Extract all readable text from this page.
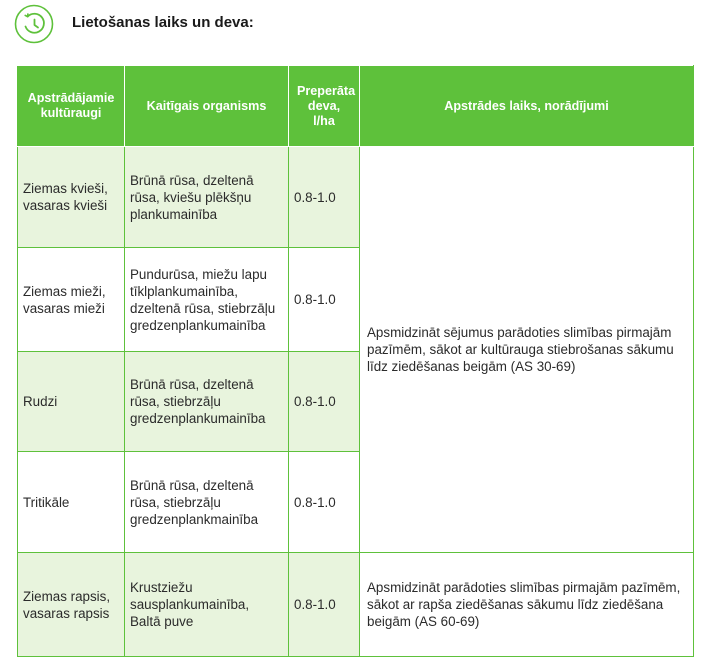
Lietošanas laiks un deva:
Apstrādājamie kultūraugi	Kaitīgais organisms	Preperāta deva, l/ha	Apstrādes laiks, norādījumi
Ziemas kvieši, vasaras kvieši	Brūnā rūsa, dzeltenā rūsa, kviešu plēkšņu plankumainība	0.8-1.0	Apsmidzināt sējumus parādoties slimības pirmajām pazīmēm, sākot ar kultūrauga stiebrošanas sākumu līdz ziedēšanas beigām (AS 30-69)
Ziemas mieži, vasaras mieži	Pundurūsa, miežu lapu tīklplankumainība, dzeltenā rūsa, stiebrzāļu gredzenplankumainība	0.8-1.0	
Rudzi	Brūnā rūsa, dzeltenā rūsa, stiebrzāļu gredzenplankumainība	0.8-1.0	
Tritikāle	Brūnā rūsa, dzeltenā rūsa, stiebrzāļu gredzenplankmainība	0.8-1.0	
Ziemas rapsis, vasaras rapsis	Krustziežu sausplankumainība, Baltā puve	0.8-1.0	Apsmidzināt parādoties slimības pirmajām pazīmēm, sākot ar rapša ziedēšanas sākumu līdz ziedēšana beigām (AS 60-69)
